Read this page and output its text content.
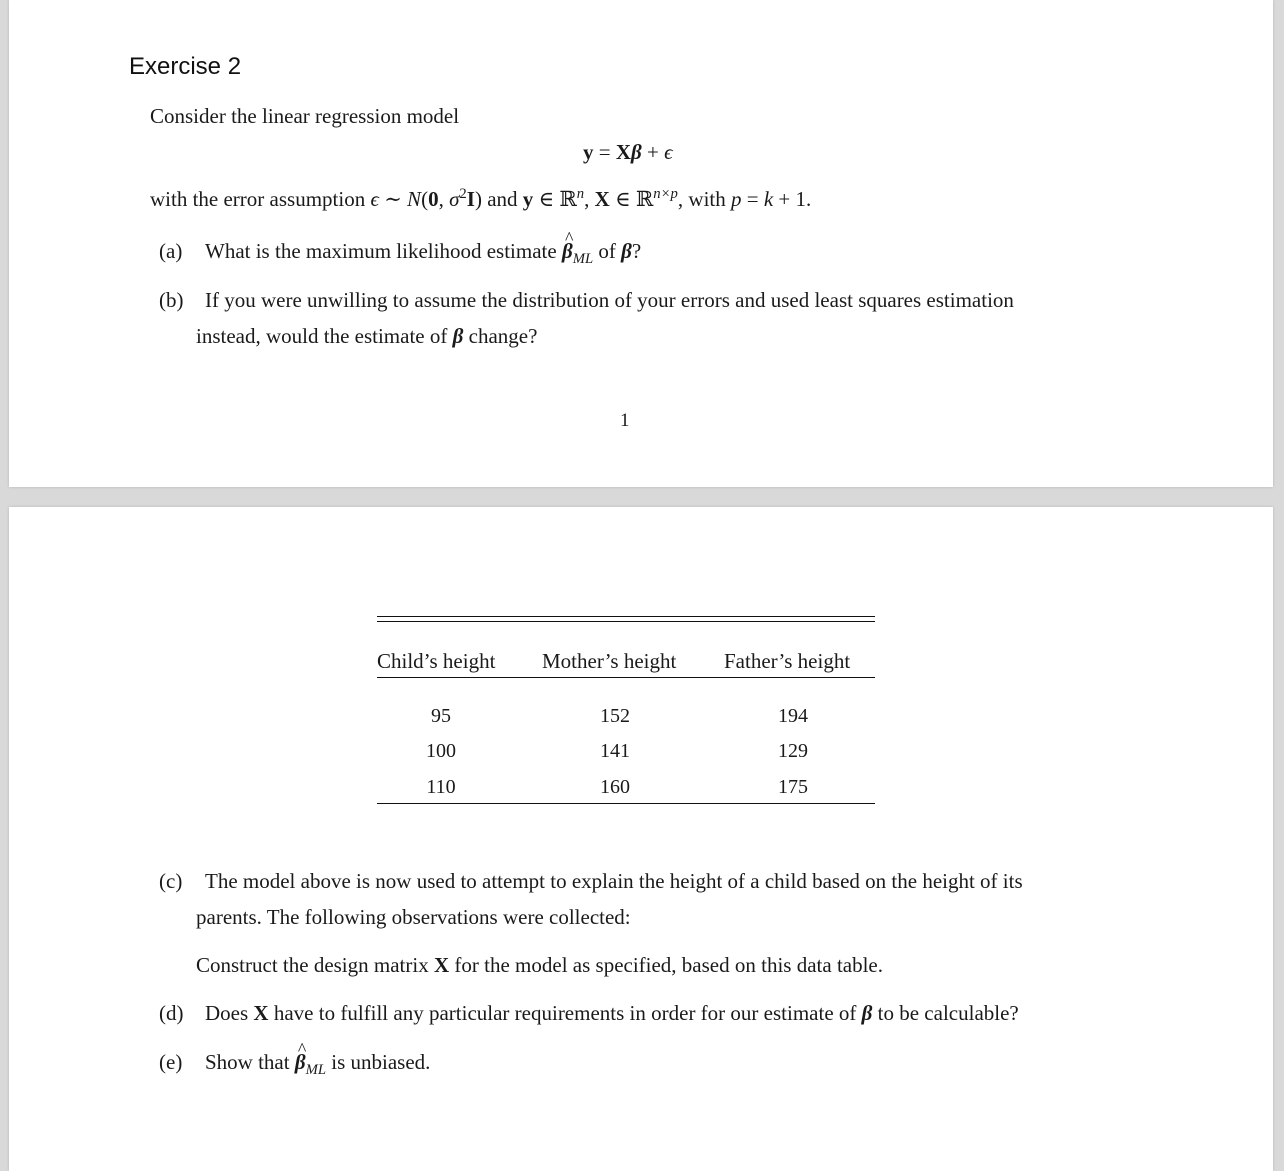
Exercise 2
Consider the linear regression model
y = Xβ + ϵ
with the error assumption ϵ ∼ N(0, $\sigma^2I$) and y ∈ ℝ$^n$, X ∈ ℝ$^{n\times p}$, with p = k + 1.
(a) What is the maximum likelihood estimate ^ $\beta_{ML}$ of β?
(b) If you were unwilling to assume the distribution of your errors and used least squares estimation
instead, would the estimate of β change?
1
Child’s height Mother’s height Father’s height
95	152	194
100	141	129
110	160	175
(c) The model above is now used to attempt to explain the height of a child based on the height of its
parents. The following observations were collected:
Construct the design matrix X for the model as specified, based on this data table.
(d) Does X have to fulfill any particular requirements in order for our estimate of β to be calculable?
(e) Show that ^ $\beta_{ML}$ is unbiased.
